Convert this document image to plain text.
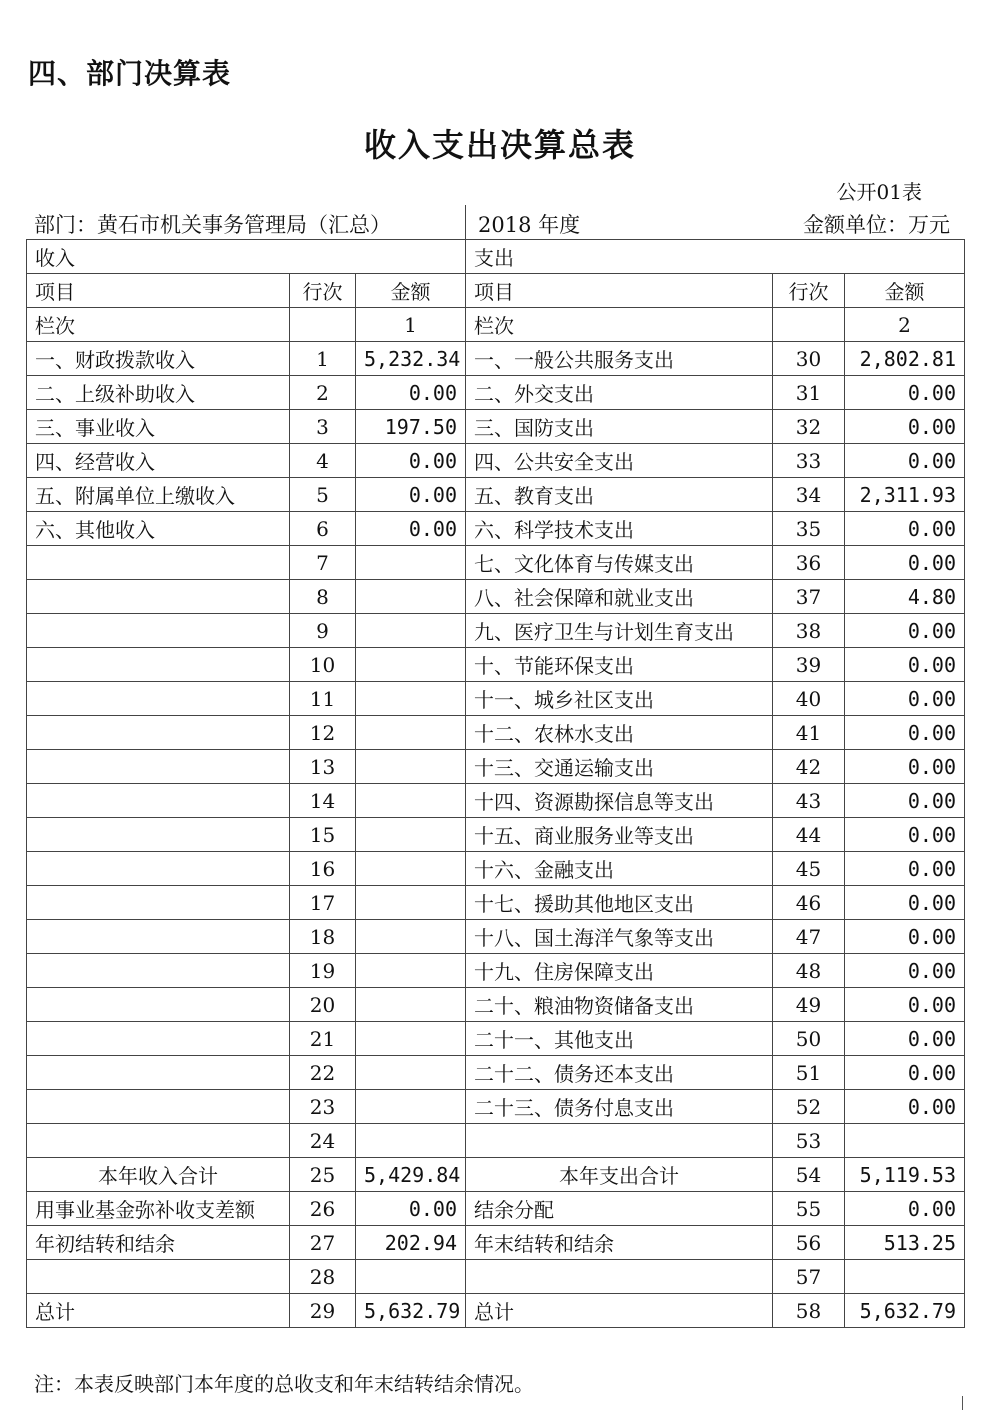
四、部门决算表
收入支出决算总表
公开01表
部门：黄石市机关事务管理局（汇总）	2018 年度	金额单位：万元
收入			支出		
项目	行次	金额	项目	行次	金额
栏次		1	栏次		2
一、财政拨款收入	1	5,232.34	一、一般公共服务支出	30	2,802.81
二、上级补助收入	2	0.00	二、外交支出	31	0.00
三、事业收入	3	197.50	三、国防支出	32	0.00
四、经营收入	4	0.00	四、公共安全支出	33	0.00
五、附属单位上缴收入	5	0.00	五、教育支出	34	2,311.93
六、其他收入	6	0.00	六、科学技术支出	35	0.00
	7		七、文化体育与传媒支出	36	0.00
	8		八、社会保障和就业支出	37	4.80
	9		九、医疗卫生与计划生育支出	38	0.00
	10		十、节能环保支出	39	0.00
	11		十一、城乡社区支出	40	0.00
	12		十二、农林水支出	41	0.00
	13		十三、交通运输支出	42	0.00
	14		十四、资源勘探信息等支出	43	0.00
	15		十五、商业服务业等支出	44	0.00
	16		十六、金融支出	45	0.00
	17		十七、援助其他地区支出	46	0.00
	18		十八、国土海洋气象等支出	47	0.00
	19		十九、住房保障支出	48	0.00
	20		二十、粮油物资储备支出	49	0.00
	21		二十一、其他支出	50	0.00
	22		二十二、债务还本支出	51	0.00
	23		二十三、债务付息支出	52	0.00
	24			53	
本年收入合计	25	5,429.84	本年支出合计	54	5,119.53
用事业基金弥补收支差额	26	0.00	结余分配	55	0.00
年初结转和结余	27	202.94	年末结转和结余	56	513.25
	28			57	
总计	29	5,632.79	总计	58	5,632.79
注：本表反映部门本年度的总收支和年末结转结余情况。
